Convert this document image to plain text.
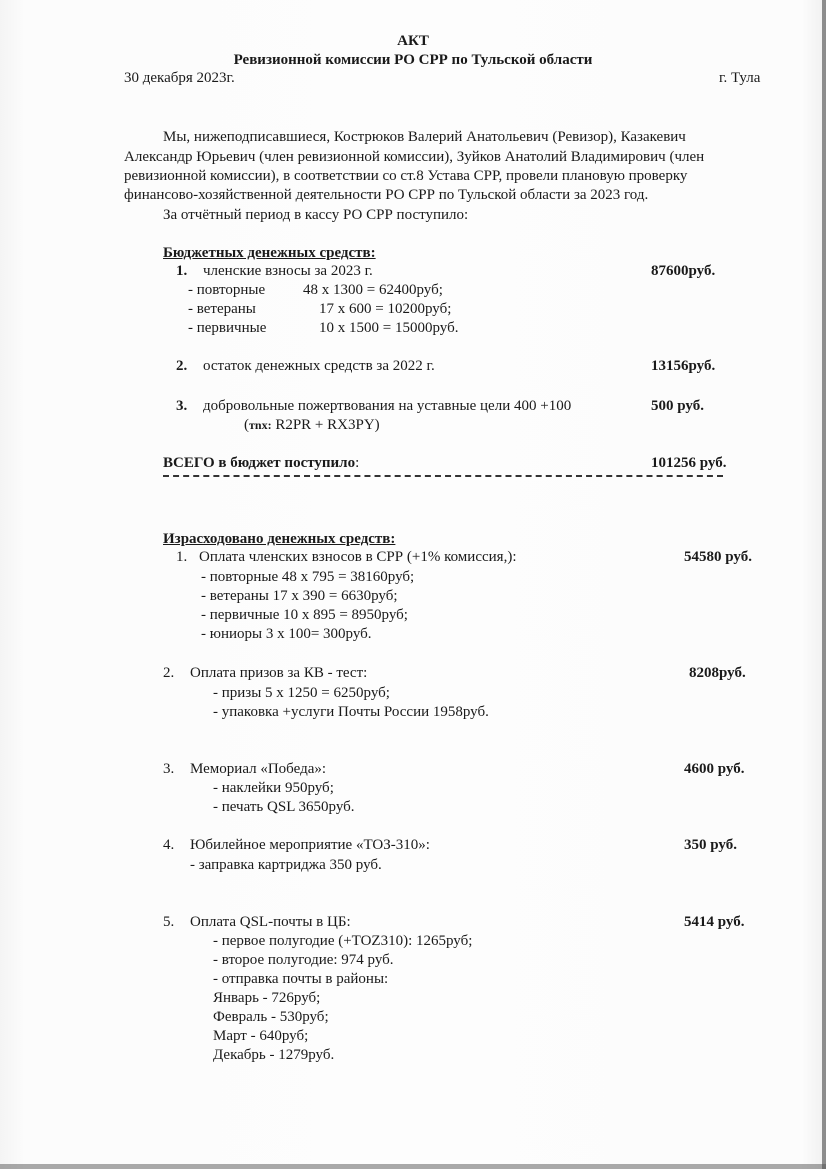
АКТ
Ревизионной комиссии РО СРР по Тульской области
30 декабря 2023г.	г. Тула
Мы, нижеподписавшиеся, Кострюков Валерий Анатольевич (Ревизор), Казакевич
Александр Юрьевич (член ревизионной комиссии), Зуйков Анатолий Владимирович (член
ревизионной комиссии), в соответствии со ст.8 Устава СРР, провели плановую проверку
финансово-хозяйственной деятельности РО СРР по Тульской области за 2023 год.
За отчётный период в кассу РО СРР поступило:
Бюджетных денежных средств:
1. членские взносы за 2023 г.	87600руб.
- повторные	48 х 1300 = 62400руб;
- ветераны	17 х 600 = 10200руб;
- первичные	10 х 1500 = 15000руб.
2. остаток денежных средств за 2022 г.	13156руб.
3. добровольные пожертвования на уставные цели 400 +100	500 руб.
(тnx: R2PR + RX3PY)
ВСЕГО в бюджет поступило:	101256 руб.
Израсходовано денежных средств:
1. Оплата членских взносов в СРР (+1% комиссия,):	54580 руб.
- повторные 48 х 795 = 38160руб;
- ветераны 17 х 390 = 6630руб;
- первичные 10 х 895 = 8950руб;
- юниоры 3 х 100= 300руб.
2. Оплата призов за КВ - тест:	8208руб.
- призы 5 х 1250 = 6250руб;
- упаковка +услуги Почты России 1958руб.
3. Мемориал «Победа»:	4600 руб.
- наклейки 950руб;
- печать QSL 3650руб.
4. Юбилейное мероприятие «ТОЗ-310»:	350 руб.
- заправка картриджа 350 руб.
5. Оплата QSL-почты в ЦБ:	5414 руб.
- первое полугодие (+TOZ310): 1265руб;
- второе полугодие: 974 руб.
- отправка почты в районы:
Январь - 726руб;
Февраль - 530руб;
Март - 640руб;
Декабрь - 1279руб.
